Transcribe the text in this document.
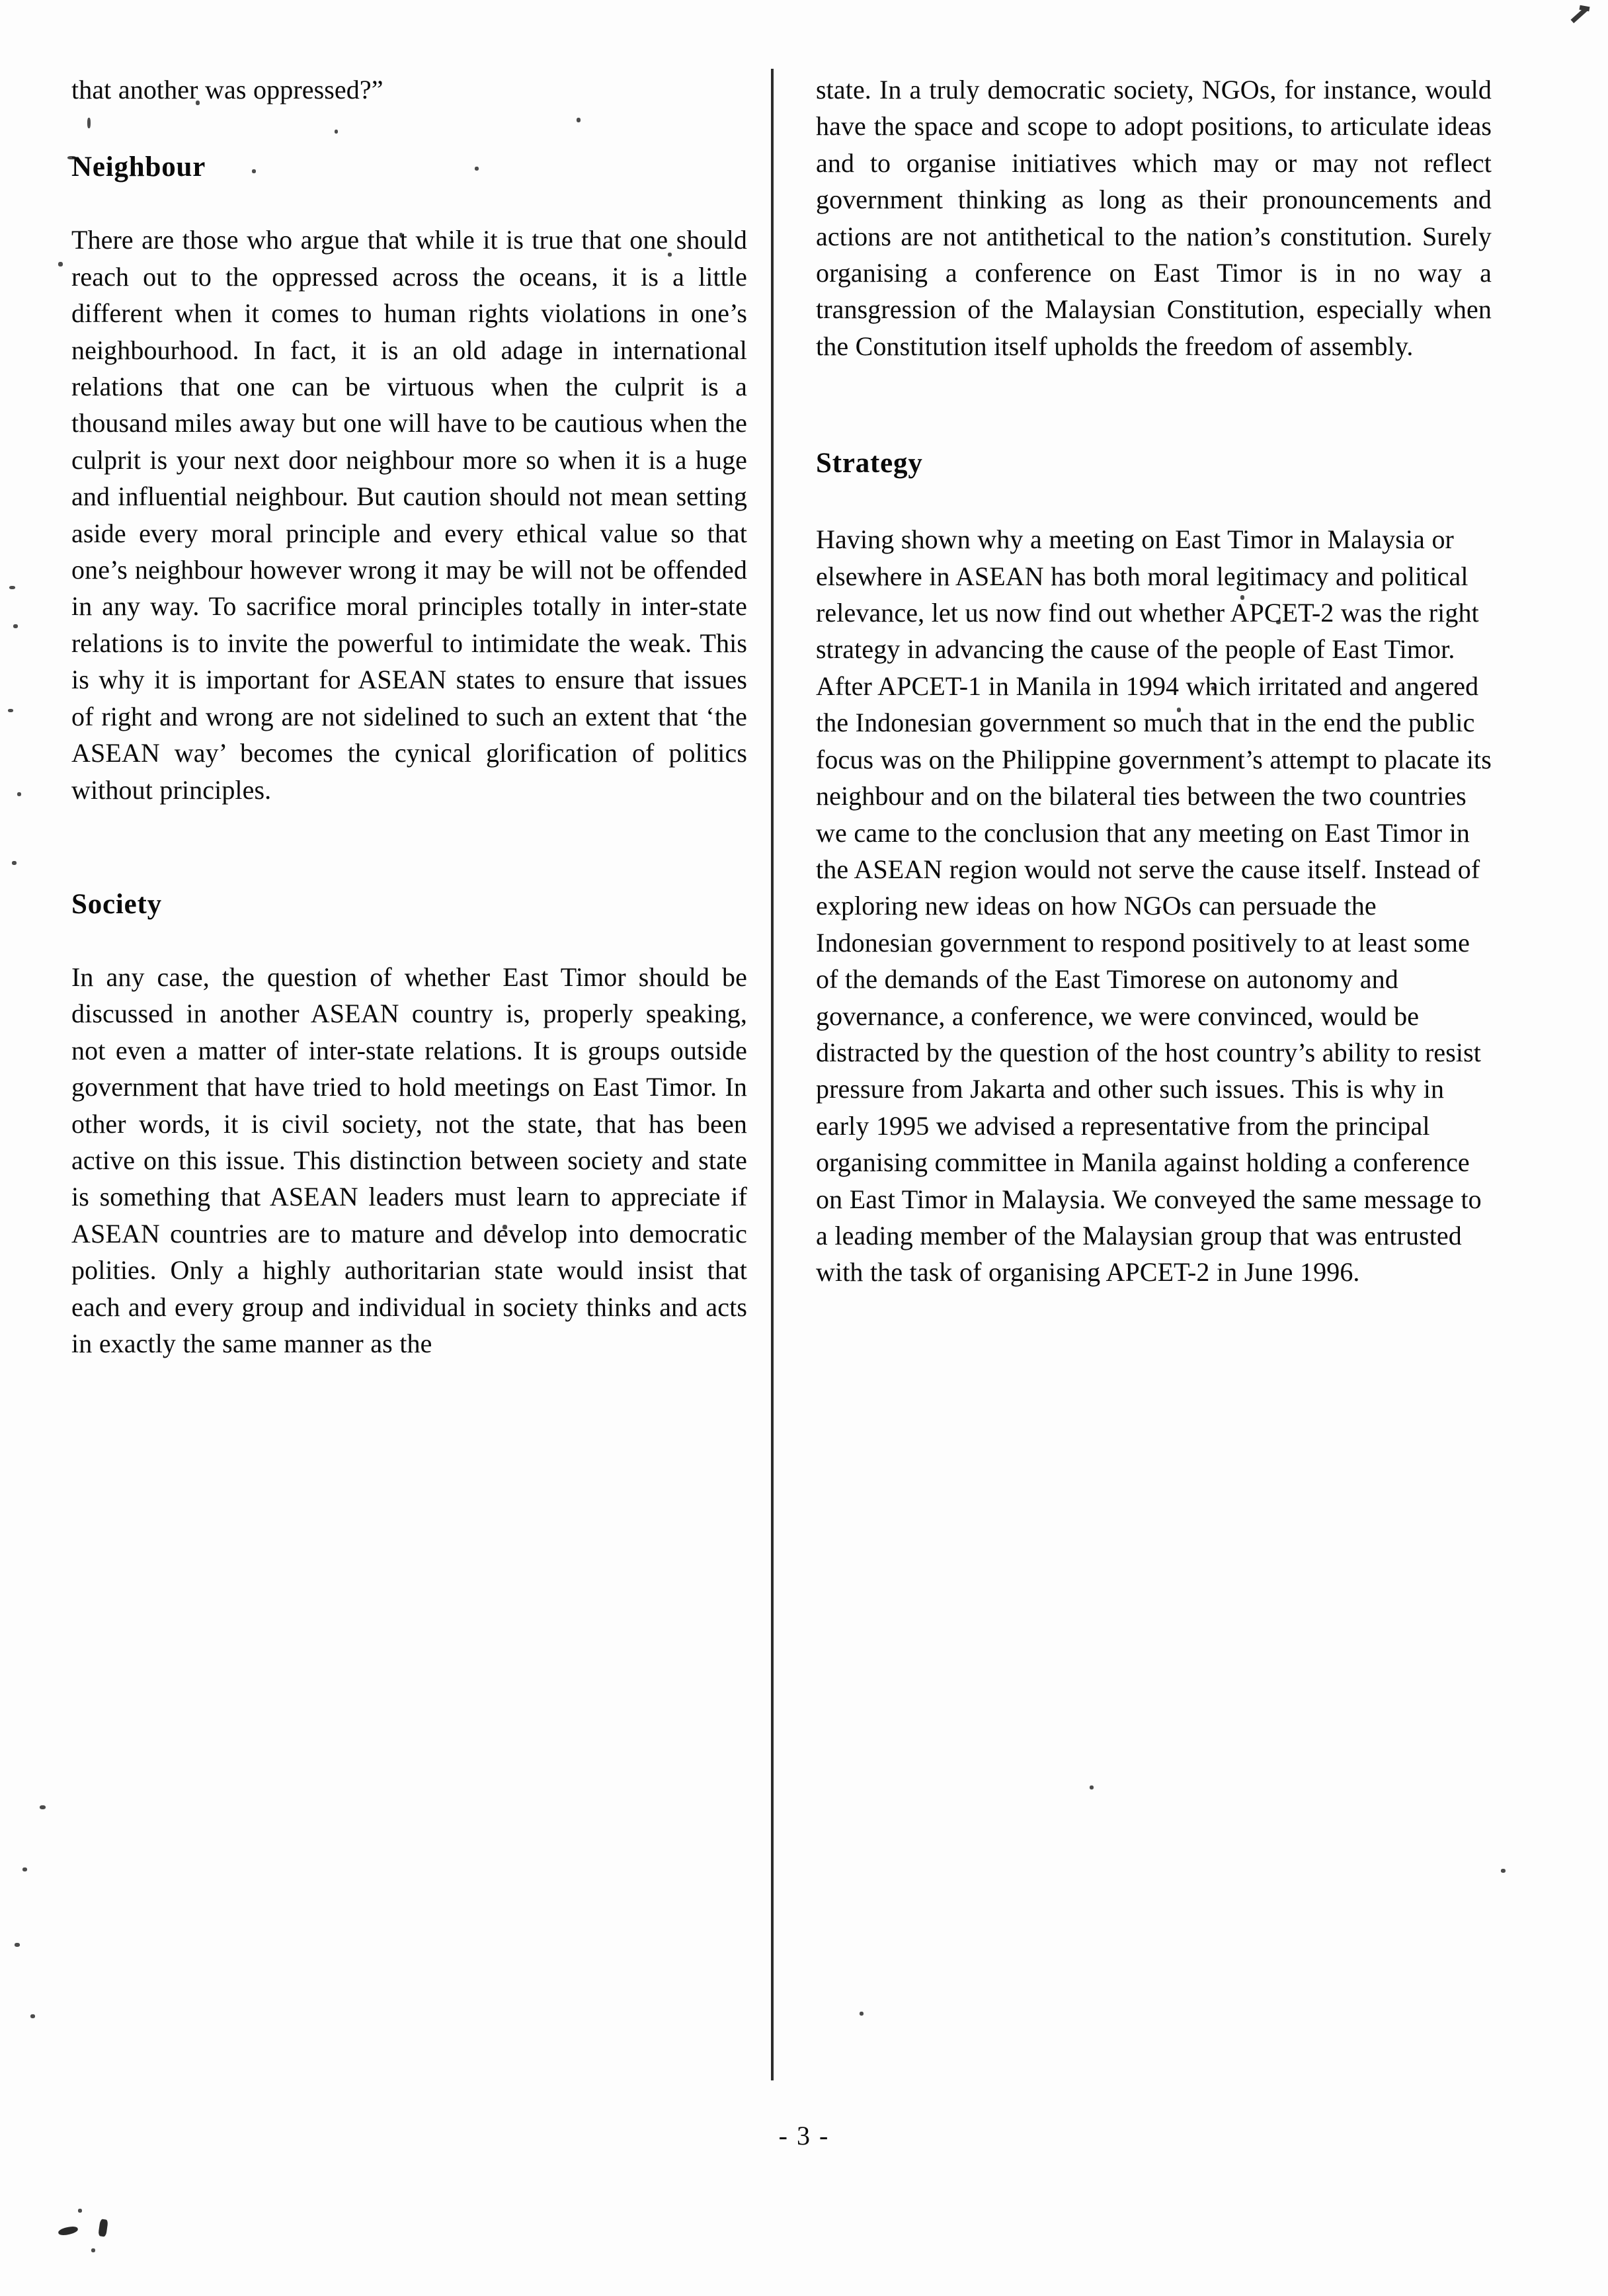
that another was oppressed?”

Neighbour

There are those who argue that while it is true that one should reach out to the oppressed across the oceans, it is a little different when it comes to human rights violations in one’s neighbourhood. In fact, it is an old adage in international relations that one can be virtuous when the culprit is a thousand miles away but one will have to be cautious when the culprit is your next door neighbour more so when it is a huge and influential neighbour. But caution should not mean setting aside every moral principle and every ethical value so that one’s neighbour however wrong it may be will not be offended in any way. To sacrifice moral principles totally in inter-state relations is to invite the powerful to intimidate the weak. This is why it is important for ASEAN states to ensure that issues of right and wrong are not sidelined to such an extent that ‘the ASEAN way’ becomes the cynical glorification of politics without principles.

Society

In any case, the question of whether East Timor should be discussed in another ASEAN country is, properly speaking, not even a matter of inter-state relations. It is groups outside government that have tried to hold meetings on East Timor. In other words, it is civil society, not the state, that has been active on this issue. This distinction between society and state is something that ASEAN leaders must learn to appreciate if ASEAN countries are to mature and develop into democratic polities. Only a highly authoritarian state would insist that each and every group and individual in society thinks and acts in exactly the same manner as the

state. In a truly democratic society, NGOs, for instance, would have the space and scope to adopt positions, to articulate ideas and to organise initiatives which may or may not reflect government thinking as long as their pronouncements and actions are not antithetical to the nation’s constitution. Surely organising a conference on East Timor is in no way a transgression of the Malaysian Constitution, especially when the Constitution itself upholds the freedom of assembly.

Strategy

Having shown why a meeting on East Timor in Malaysia or elsewhere in ASEAN has both moral legitimacy and political relevance, let us now find out whether APCET-2 was the right strategy in advancing the cause of the people of East Timor. After APCET-1 in Manila in 1994 which irritated and angered the Indonesian government so much that in the end the public focus was on the Philippine government’s attempt to placate its neighbour and on the bilateral ties between the two countries we came to the conclusion that any meeting on East Timor in the ASEAN region would not serve the cause itself. Instead of exploring new ideas on how NGOs can persuade the Indonesian government to respond positively to at least some of the demands of the East Timorese on autonomy and governance, a conference, we were convinced, would be distracted by the question of the host country’s ability to resist pressure from Jakarta and other such issues. This is why in early 1995 we advised a representative from the principal organising committee in Manila against holding a conference on East Timor in Malaysia. We conveyed the same message to a leading member of the Malaysian group that was entrusted with the task of organising APCET-2 in June 1996.

- 3 -
